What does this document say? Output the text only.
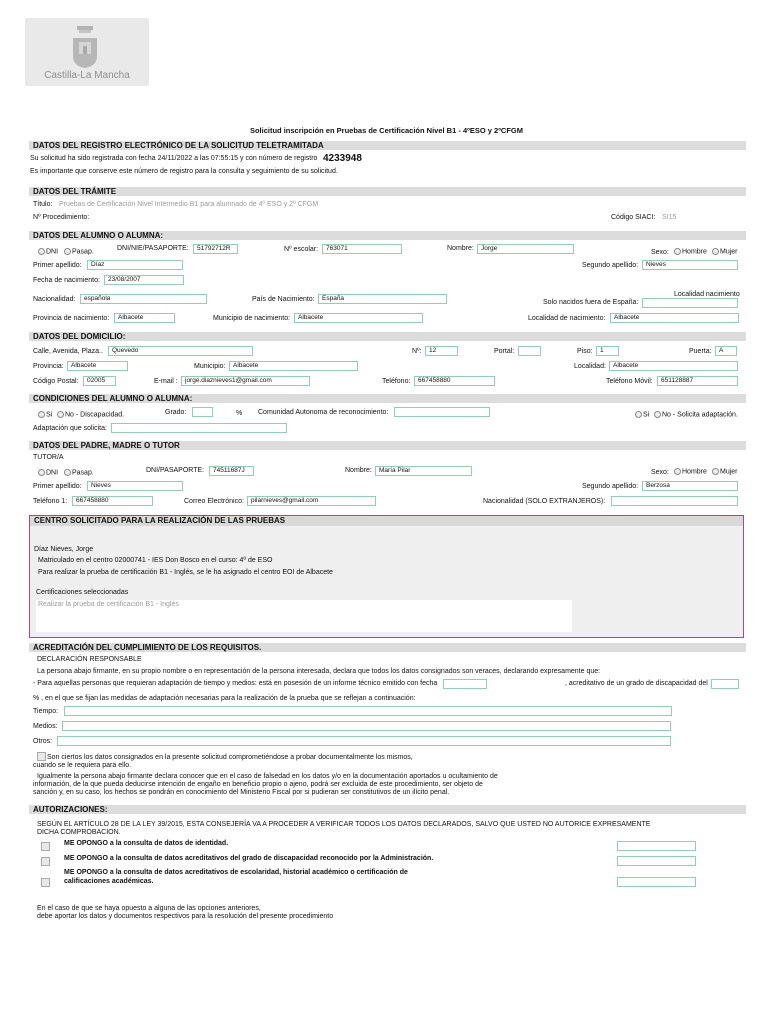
Castilla-La Mancha
Solicitud inscripción en Pruebas de Certificación Nivel B1 - 4ºESO y 2ºCFGM
DATOS DEL REGISTRO ELECTRÓNICO DE LA SOLICITUD TELETRAMITADA
Su solicitud ha sido registrada con fecha 24/11/2022 a las 07:55:15 y con número de registro 4233948
Es importante que conserve este número de registro para la consulta y seguimiento de su solicitud.
DATOS DEL TRÁMITE
Título: Pruebas de Certificación Nivel Intermedio B1 para alumnado de 4º ESO y 2º CFGM
Nº Procedimiento:	Código SIACI: SI15
DATOS DEL ALUMNO O ALUMNA:
DNI	Pasap.	DNI/NIE/PASAPORTE:	51792712R	Nº escolar:	763071	Nombre:	Jorge
Sexo:	Hombre	Mujer
Primer apellido:	Díaz	Segundo apellido:	Nieves
Fecha de nacimiento:	23/08/2007
Localidad nacimiento
Nacionalidad:	española	País de Nacimiento:	España
Solo nacidos fuera de España:
Provincia de nacimiento:	Albacete	Municipio de nacimiento:	Albacete	Localidad de nacimiento:	Albacete
DATOS DEL DOMICILIO:
Calle, Avenida, Plaza..	Quevedo	Nº:	12	Portal:	Piso:	1	Puerta:	A
Provincia:	Albacete	Municipio:	Albacete	Localidad:	Albacete
Código Postal:	02005	E-mail :	jorge.diaznieves1@gmail.com	Teléfono:	667458880	Teléfono Móvil:	651128887
CONDICIONES DEL ALUMNO O ALUMNA:
Si	No - Discapacidad.	Grado:	% Comunidad Autonoma de reconocimiento:	Si	No - Solicita adaptación.
Adaptación que solicita:
DATOS DEL PADRE, MADRE O TUTOR
TUTOR/A
DNI	Pasap.	DNI/PASAPORTE:	74511687J	Nombre:	María Pilar	Sexo:	Hombre	Mujer
Primer apellido:	Nieves	Segundo apellido:	Berzosa
Teléfono 1:	667458880	Correo Electrónico:	pilarnieves@gmail.com	Nacionalidad (SOLO EXTRANJEROS):
CENTRO SOLICITADO PARA LA REALIZACIÓN DE LAS PRUEBAS
Díaz Nieves, Jorge
Matriculado en el centro 02000741 - IES Don Bosco en el curso: 4º de ESO
Para realizar la prueba de certificación B1 - Inglés, se le ha asignado el centro EOI de Albacete
Certificaciones seleccionadas
Realizar la prueba de certificación B1 - Inglés
ACREDITACIÓN DEL CUMPLIMIENTO DE LOS REQUISITOS.
DECLARACIÓN RESPONSABLE
La persona abajo firmante, en su propio nombre o en representación de la persona interesada, declara que todos los datos consignados son veraces, declarando expresamente que:
- Para aquellas personas que requieran adaptación de tiempo y medios: está en posesión de un informe técnico emitido con fecha	, acreditativo de un grado de discapacidad del
% , en el que se fijan las medidas de adaptación necesarias para la realización de la prueba que se reflejan a continuación:
Tiempo:
Medios:
Otros:
Son ciertos los datos consignados en la presente solicitud comprometiéndose a probar documentalmente los mismos,
cuando se le requiera para ello.
Igualmente la persona abajo firmante declara conocer que en el caso de falsedad en los datos y/o en la documentación aportados u ocultamiento de
información, de la que pueda deducirse intención de engaño en beneficio propio o ajeno, podrá ser excluida de este procedimiento, ser objeto de
sanción y, en su caso, los hechos se pondrán en conocimiento del Ministerio Fiscal por si pudieran ser constitutivos de un ilícito penal.
AUTORIZACIONES:
SEGÚN EL ARTÍCULO 28 DE LA LEY 39/2015, ESTA CONSEJERÍA VA A PROCEDER A VERIFICAR TODOS LOS DATOS DECLARADOS, SALVO QUE USTED NO AUTORICE EXPRESAMENTE
DICHA COMPROBACION.
ME OPONGO a la consulta de datos de identidad.
ME OPONGO a la consulta de datos acreditativos del grado de discapacidad reconocido por la Administración.
ME OPONGO a la consulta de datos acreditativos de escolaridad, historial académico o certificación de
calificaciones académicas.
En el caso de que se haya opuesto a alguna de las opciones anteriores,
debe aportar los datos y documentos respectivos para la resolución del presente procedimiento
